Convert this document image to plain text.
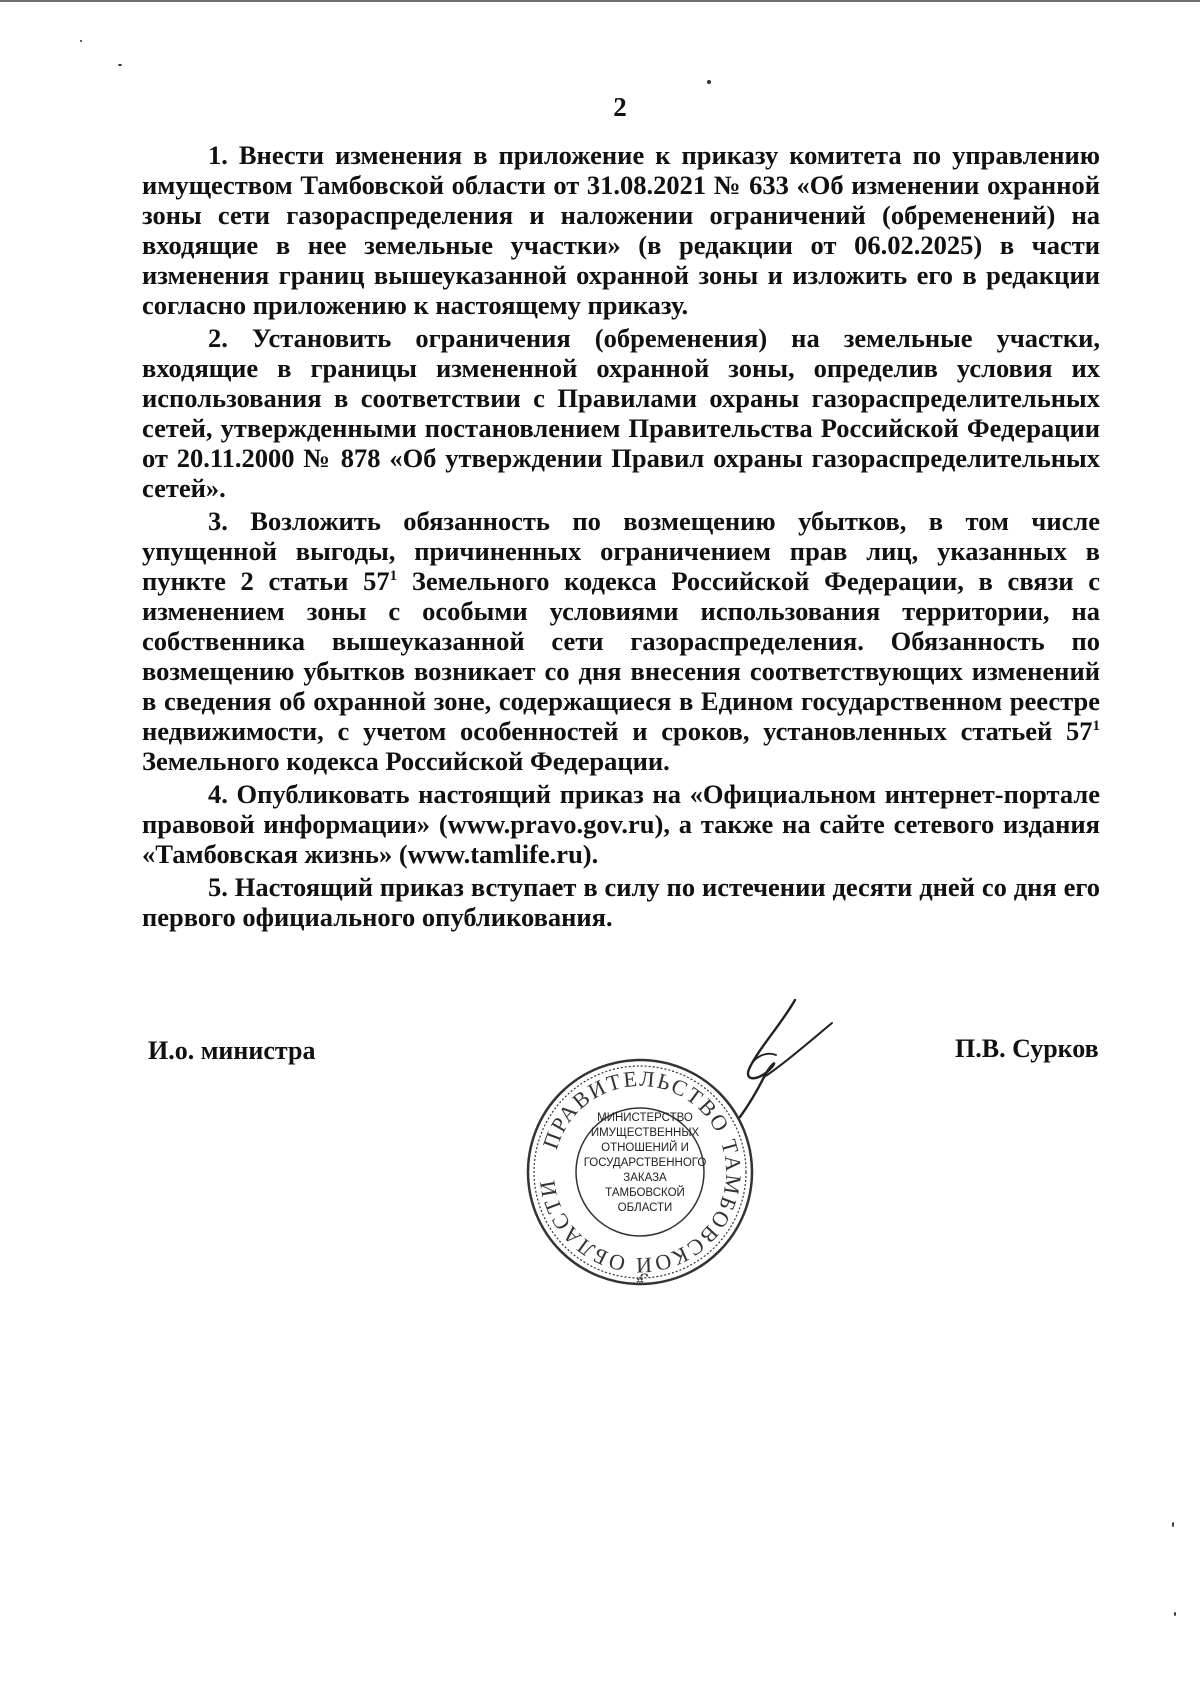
2

1. Внести изменения в приложение к приказу комитета по управлению имуществом Тамбовской области от 31.08.2021 № 633 «Об изменении охранной зоны сети газораспределения и наложении ограничений (обременений) на входящие в нее земельные участки» (в редакции от 06.02.2025) в части изменения границ вышеуказанной охранной зоны и изложить его в редакции согласно приложению к настоящему приказу.

2. Установить ограничения (обременения) на земельные участки, входящие в границы измененной охранной зоны, определив условия их использования в соответствии с Правилами охраны газораспределительных сетей, утвержденными постановлением Правительства Российской Федерации от 20.11.2000 № 878 «Об утверждении Правил охраны газораспределительных сетей».

3. Возложить обязанность по возмещению убытков, в том числе упущенной выгоды, причиненных ограничением прав лиц, указанных в пункте 2 статьи $57^1$ Земельного кодекса Российской Федерации, в связи с изменением зоны с особыми условиями использования территории, на собственника вышеуказанной сети газораспределения. Обязанность по возмещению убытков возникает со дня внесения соответствующих изменений в сведения об охранной зоне, содержащиеся в Едином государственном реестре недвижимости, с учетом особенностей и сроков, установленных статьей $57^1$ Земельного кодекса Российской Федерации.

4. Опубликовать настоящий приказ на «Официальном интернет-портале правовой информации» (www.pravo.gov.ru), а также на сайте сетевого издания «Тамбовская жизнь» (www.tamlife.ru).

5. Настоящий приказ вступает в силу по истечении десяти дней со дня его первого официального опубликования.

И.о. министра	П.В. Сурков
ПРАВИТЕЛЬСТВО ТАМБОВСКОЙ ОБЛАСТИ
✲
МИНИСТЕРСТВО
ИМУЩЕСТВЕННЫХ
ОТНОШЕНИЙ И
ГОСУДАРСТВЕННОГО
ЗАКАЗА
ТАМБОВСКОЙ
ОБЛАСТИ
